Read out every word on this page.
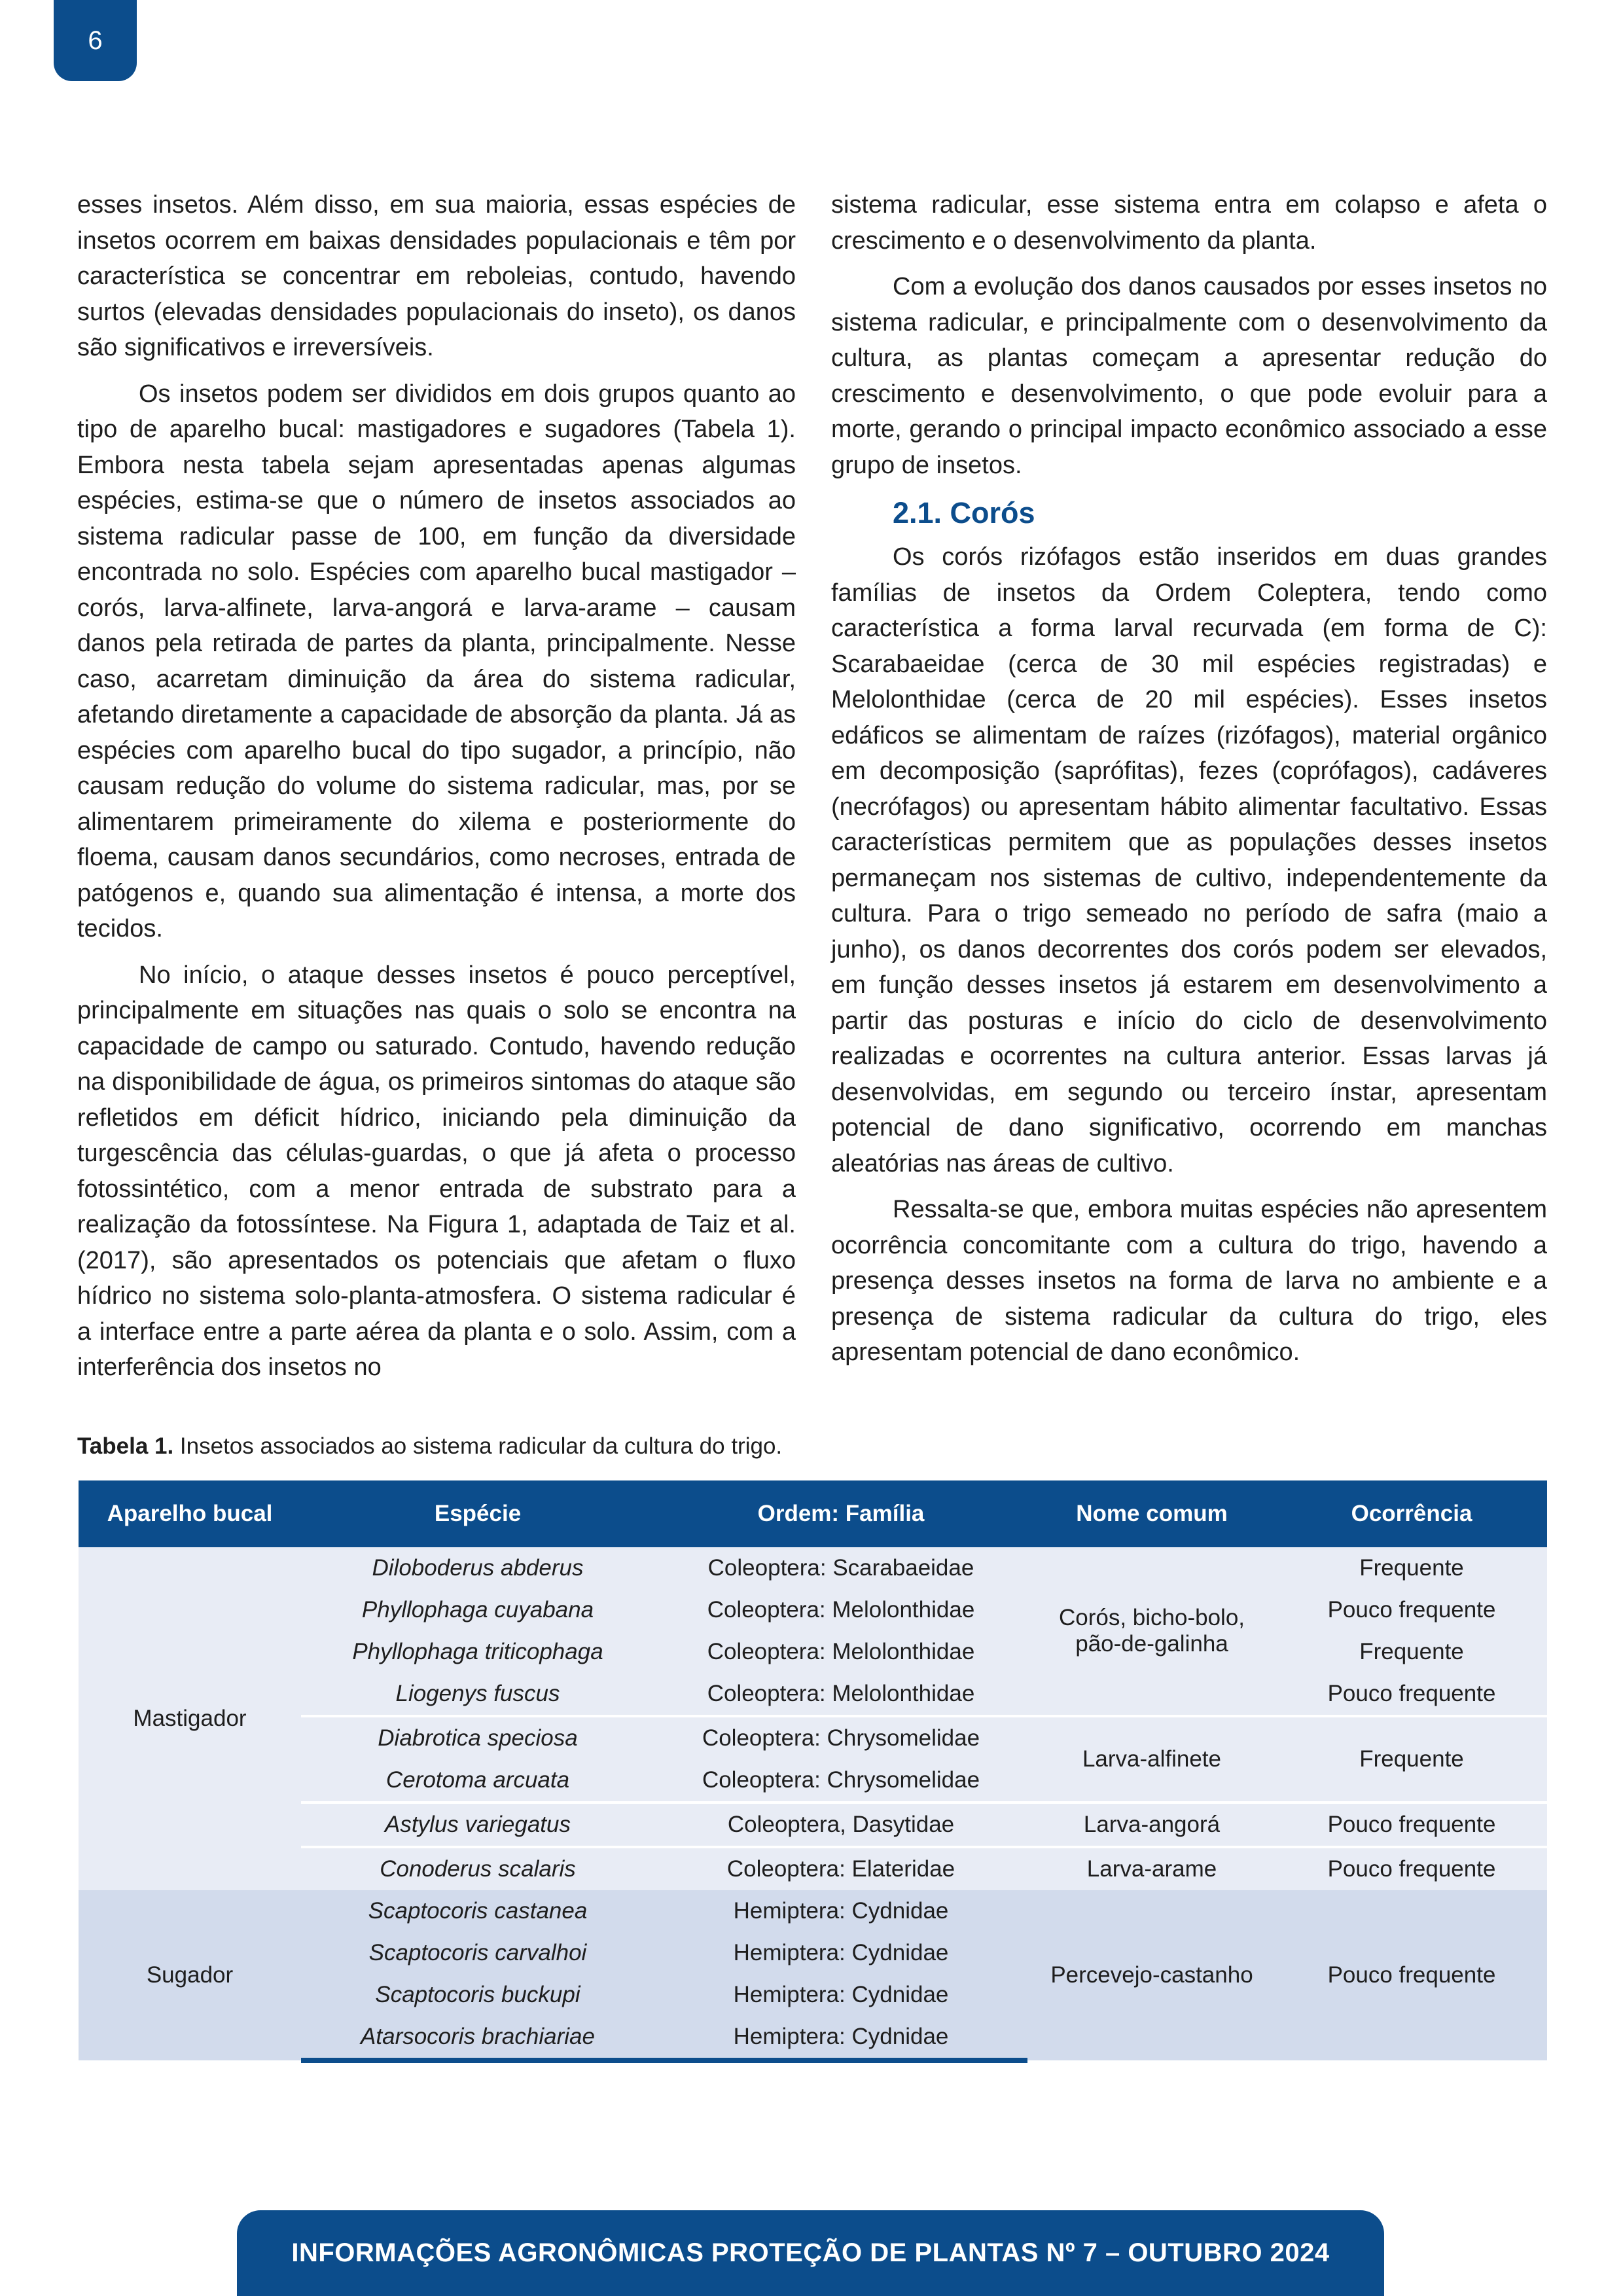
6

esses insetos. Além disso, em sua maioria, essas espécies de insetos ocorrem em baixas densidades populacionais e têm por característica se concentrar em reboleias, contudo, havendo surtos (elevadas densidades populacionais do inseto), os danos são significativos e irreversíveis.

Os insetos podem ser divididos em dois grupos quanto ao tipo de aparelho bucal: mastigadores e sugadores (Tabela 1). Embora nesta tabela sejam apresentadas apenas algumas espécies, estima-se que o número de insetos associados ao sistema radicular passe de 100, em função da diversidade encontrada no solo. Espécies com aparelho bucal mastigador – corós, larva-alfinete, larva-angorá e larva-arame – causam danos pela retirada de partes da planta, principalmente. Nesse caso, acarretam diminuição da área do sistema radicular, afetando diretamente a capacidade de absorção da planta. Já as espécies com aparelho bucal do tipo sugador, a princípio, não causam redução do volume do sistema radicular, mas, por se alimentarem primeiramente do xilema e posteriormente do floema, causam danos secundários, como necroses, entrada de patógenos e, quando sua alimentação é intensa, a morte dos tecidos.

No início, o ataque desses insetos é pouco perceptível, principalmente em situações nas quais o solo se encontra na capacidade de campo ou saturado. Contudo, havendo redução na disponibilidade de água, os primeiros sintomas do ataque são refletidos em déficit hídrico, iniciando pela diminuição da turgescência das células-guardas, o que já afeta o processo fotossintético, com a menor entrada de substrato para a realização da fotossíntese. Na Figura 1, adaptada de Taiz et al. (2017), são apresentados os potenciais que afetam o fluxo hídrico no sistema solo-planta-atmosfera. O sistema radicular é a interface entre a parte aérea da planta e o solo. Assim, com a interferência dos insetos no

sistema radicular, esse sistema entra em colapso e afeta o crescimento e o desenvolvimento da planta.

Com a evolução dos danos causados por esses insetos no sistema radicular, e principalmente com o desenvolvimento da cultura, as plantas começam a apresentar redução do crescimento e desenvolvimento, o que pode evoluir para a morte, gerando o principal impacto econômico associado a esse grupo de insetos.

2.1. Corós

Os corós rizófagos estão inseridos em duas grandes famílias de insetos da Ordem Coleptera, tendo como característica a forma larval recurvada (em forma de C): Scarabaeidae (cerca de 30 mil espécies registradas) e Melolonthidae (cerca de 20 mil espécies). Esses insetos edáficos se alimentam de raízes (rizófagos), material orgânico em decomposição (saprófitas), fezes (coprófagos), cadáveres (necrófagos) ou apresentam hábito alimentar facultativo. Essas características permitem que as populações desses insetos permaneçam nos sistemas de cultivo, independentemente da cultura. Para o trigo semeado no período de safra (maio a junho), os danos decorrentes dos corós podem ser elevados, em função desses insetos já estarem em desenvolvimento a partir das posturas e início do ciclo de desenvolvimento realizadas e ocorrentes na cultura anterior. Essas larvas já desenvolvidas, em segundo ou terceiro ínstar, apresentam potencial de dano significativo, ocorrendo em manchas aleatórias nas áreas de cultivo.

Ressalta-se que, embora muitas espécies não apresentem ocorrência concomitante com a cultura do trigo, havendo a presença desses insetos na forma de larva no ambiente e a presença de sistema radicular da cultura do trigo, eles apresentam potencial de dano econômico.

Tabela 1. Insetos associados ao sistema radicular da cultura do trigo.
Aparelho bucal	Espécie	Ordem: Família	Nome comum	Ocorrência
Mastigador	Diloboderus abderus	Coleoptera: Scarabaeidae	Corós, bicho-bolo, pão-de-galinha	Frequente
	Phyllophaga cuyabana	Coleoptera: Melolonthidae		Pouco frequente
	Phyllophaga triticophaga	Coleoptera: Melolonthidae		Frequente
	Liogenys fuscus	Coleoptera: Melolonthidae		Pouco frequente
	Diabrotica speciosa	Coleoptera: Chrysomelidae	Larva-alfinete	Frequente
	Cerotoma arcuata	Coleoptera: Chrysomelidae		
	Astylus variegatus	Coleoptera, Dasytidae	Larva-angorá	Pouco frequente
	Conoderus scalaris	Coleoptera: Elateridae	Larva-arame	Pouco frequente
Sugador	Scaptocoris castanea	Hemiptera: Cydnidae	Percevejo-castanho	Pouco frequente
	Scaptocoris carvalhoi	Hemiptera: Cydnidae		
	Scaptocoris buckupi	Hemiptera: Cydnidae		
	Atarsocoris brachiariae	Hemiptera: Cydnidae		
INFORMAÇÕES AGRONÔMICAS PROTEÇÃO DE PLANTAS Nº 7 – OUTUBRO 2024
